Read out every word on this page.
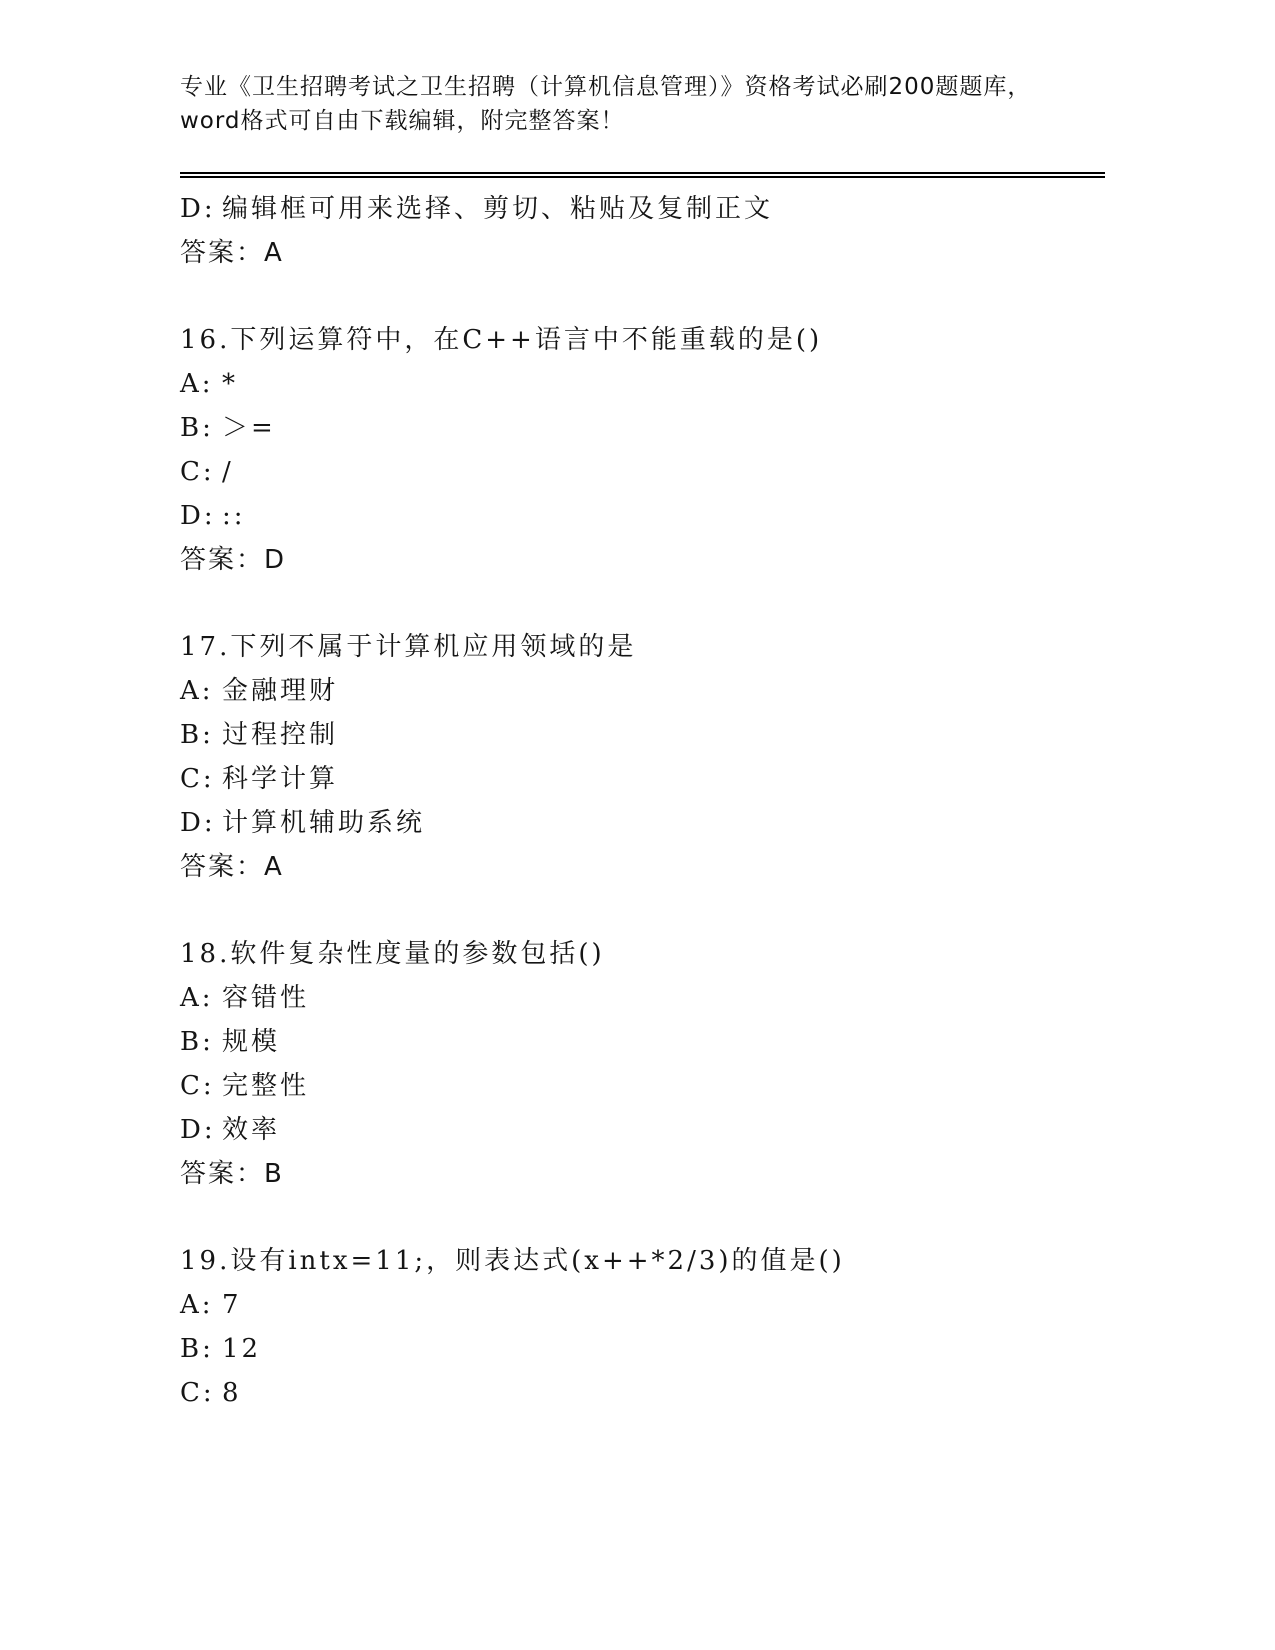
专业《卫生招聘考试之卫生招聘（计算机信息管理）》资格考试必刷200题题库，
word格式可自由下载编辑，附完整答案！
D: 编辑框可用来选择、剪切、粘贴及复制正文
答案：A
16.下列运算符中，在C++语言中不能重载的是()
A: *
B: ＞=
C: /
D: ::
答案：D
17.下列不属于计算机应用领域的是
A: 金融理财
B: 过程控制
C: 科学计算
D: 计算机辅助系统
答案：A
18.软件复杂性度量的参数包括()
A: 容错性
B: 规模
C: 完整性
D: 效率
答案：B
19.设有intx=11;，则表达式(x++*2/3)的值是()
A: 7
B: 12
C: 8
